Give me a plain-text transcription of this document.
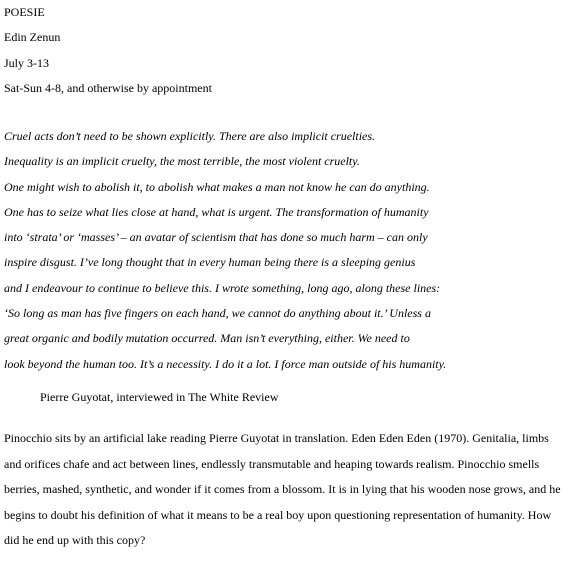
POESIE

Edin Zenun

July 3-13

Sat-Sun 4-8, and otherwise by appointment

Cruel acts don’t need to be shown explicitly. There are also implicit cruelties.

Inequality is an implicit cruelty, the most terrible, the most violent cruelty.

One might wish to abolish it, to abolish what makes a man not know he can do anything.

One has to seize what lies close at hand, what is urgent. The transformation of humanity

into ‘strata’ or ‘masses’ – an avatar of scientism that has done so much harm – can only

inspire disgust. I’ve long thought that in every human being there is a sleeping genius

and I endeavour to continue to believe this. I wrote something, long ago, along these lines:

‘So long as man has five fingers on each hand, we cannot do anything about it.’ Unless a

great organic and bodily mutation occurred. Man isn’t everything, either. We need to

look beyond the human too. It’s a necessity. I do it a lot. I force man outside of his humanity.

Pierre Guyotat, interviewed in The White Review

Pinocchio sits by an artificial lake reading Pierre Guyotat in translation. Eden Eden Eden (1970). Genitalia, limbs

and orifices chafe and act between lines, endlessly transmutable and heaping towards realism. Pinocchio smells

berries, mashed, synthetic, and wonder if it comes from a blossom. It is in lying that his wooden nose grows, and he

begins to doubt his definition of what it means to be a real boy upon questioning representation of humanity. How

did he end up with this copy?
